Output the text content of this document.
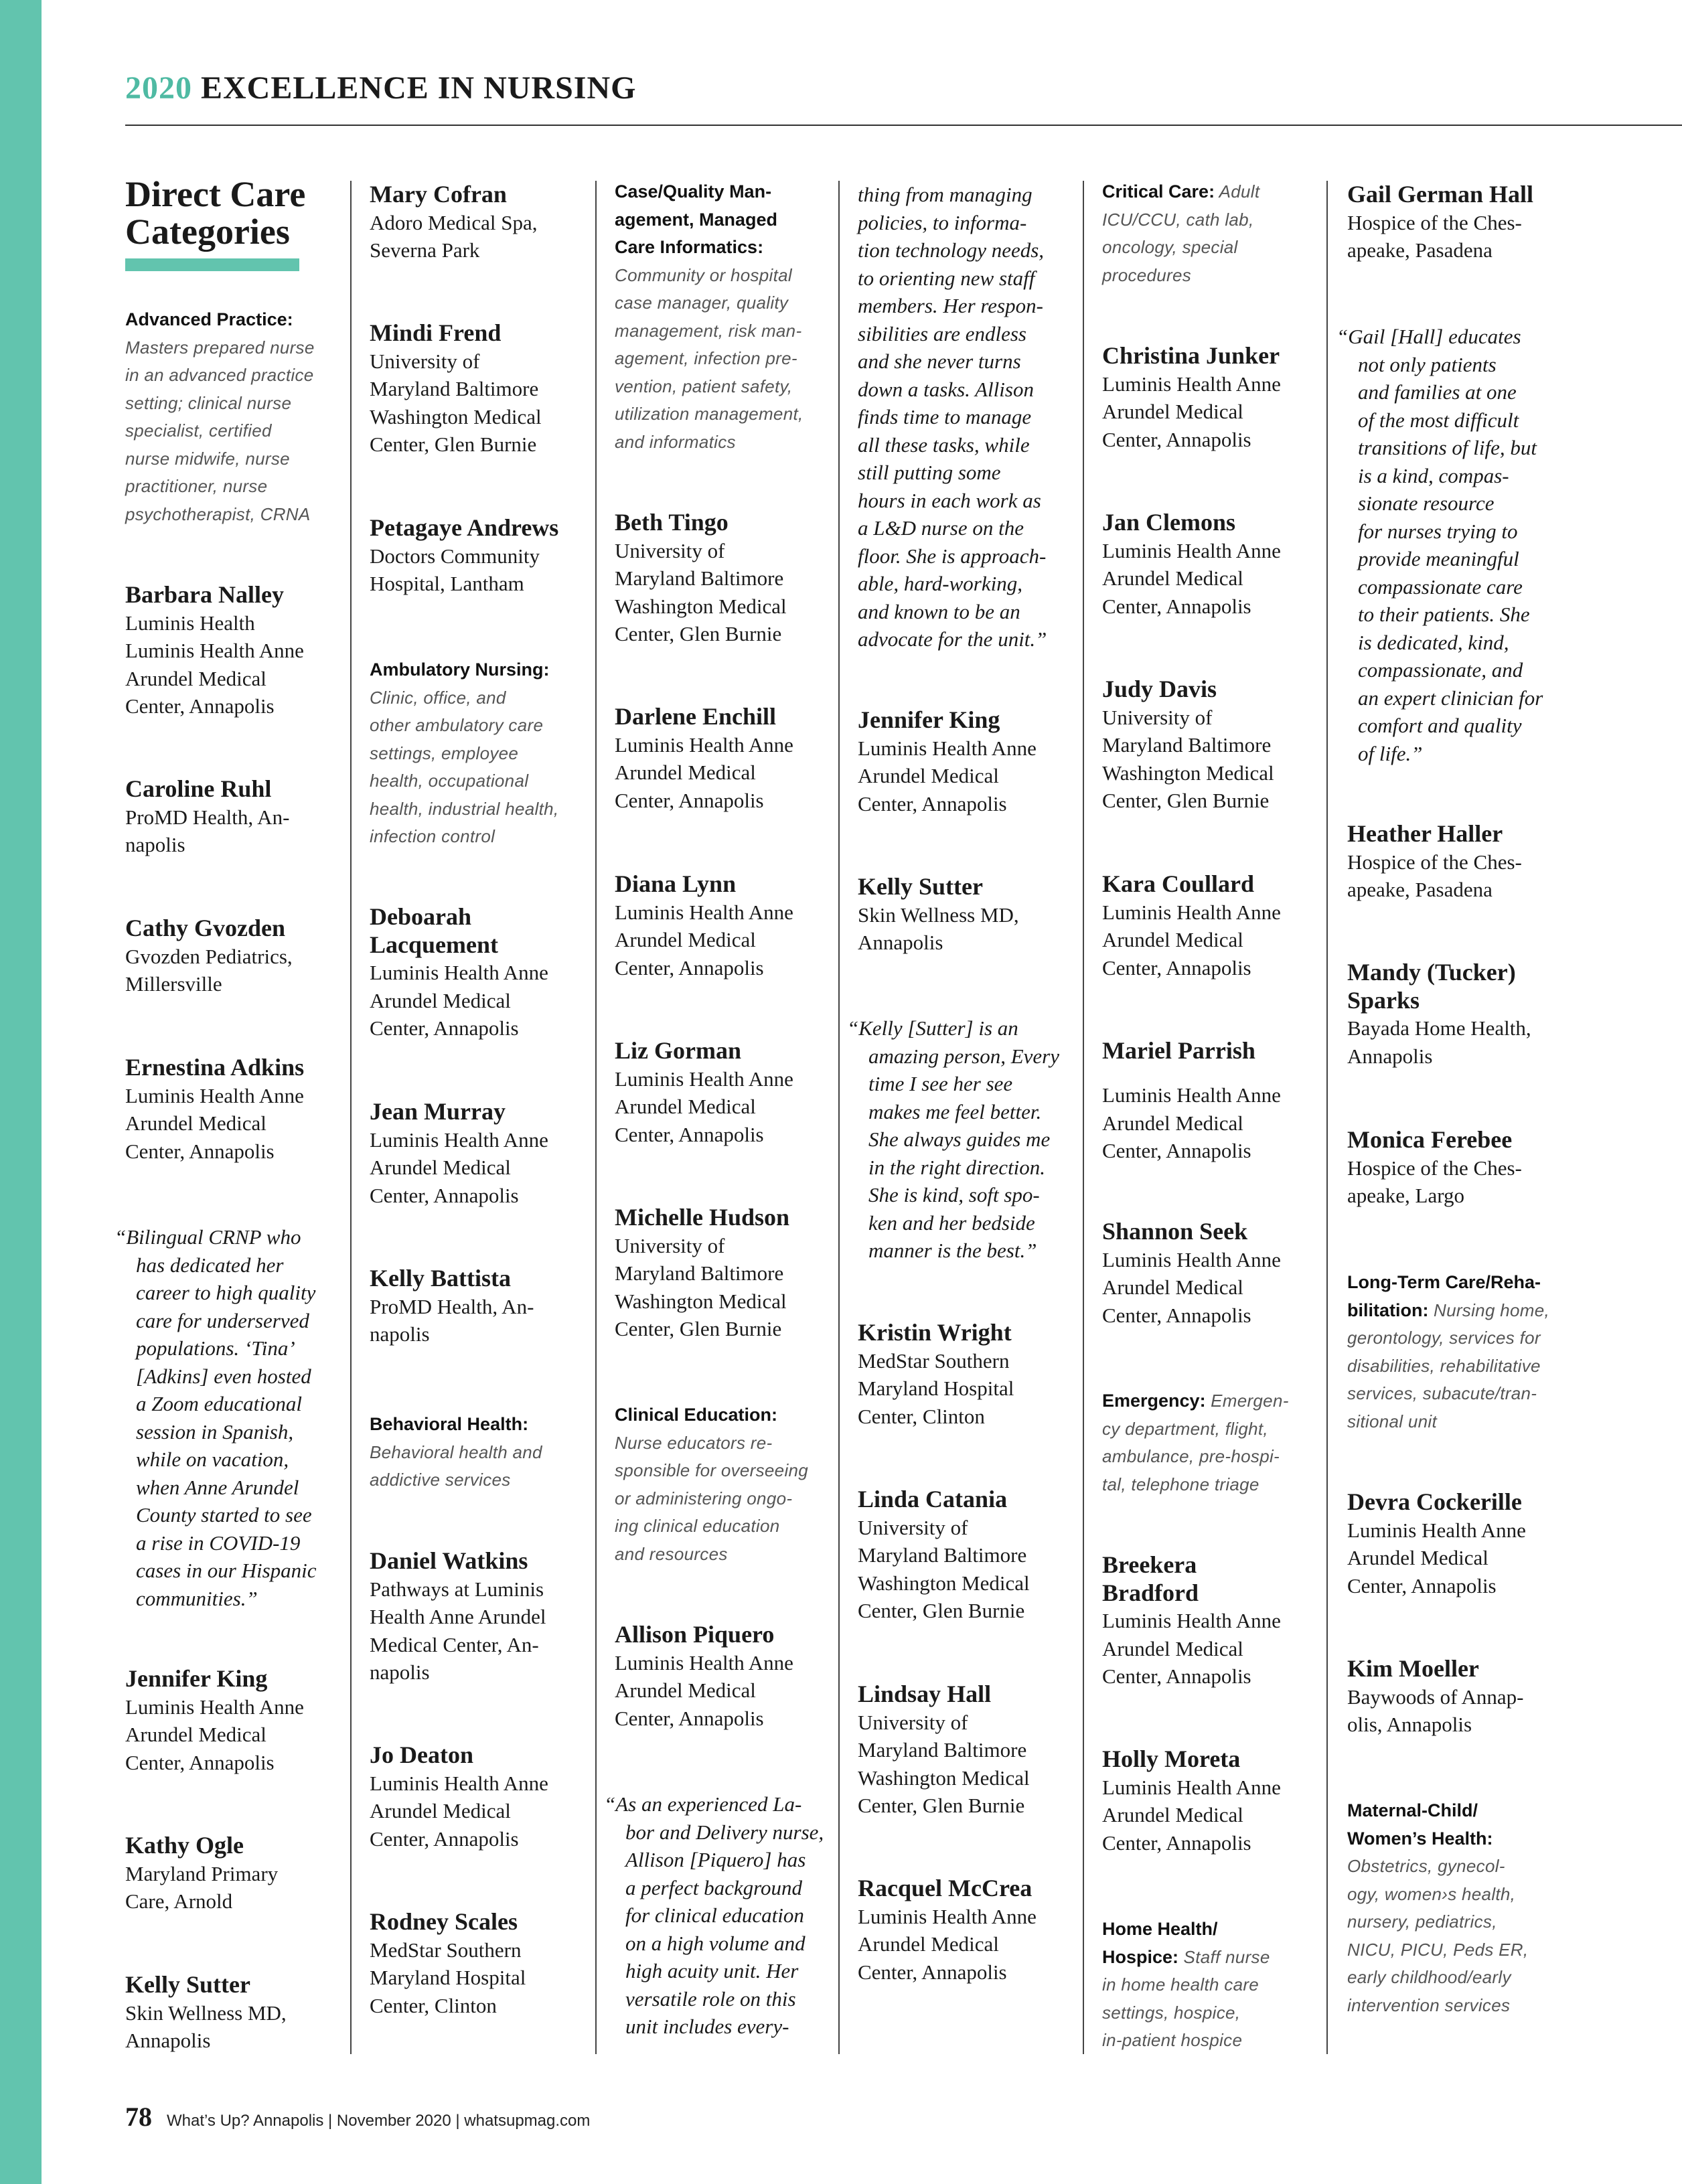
2020 EXCELLENCE IN NURSING
Direct Care
Categories
Advanced Practice:
Masters prepared nurse
in an advanced practice
setting; clinical nurse
specialist, certified
nurse midwife, nurse
practitioner, nurse
psychotherapist, CRNA
Barbara Nalley
Luminis Health
Luminis Health Anne
Arundel Medical
Center, Annapolis
Caroline Ruhl
ProMD Health, An-
napolis
Cathy Gvozden
Gvozden Pediatrics,
Millersville
Ernestina Adkins
Luminis Health Anne
Arundel Medical
Center, Annapolis
“Bilingual CRNP who
has dedicated her
career to high quality
care for underserved
populations. ‘Tina’
[Adkins] even hosted
a Zoom educational
session in Spanish,
while on vacation,
when Anne Arundel
County started to see
a rise in COVID-19
cases in our Hispanic
communities.”
Jennifer King
Luminis Health Anne
Arundel Medical
Center, Annapolis
Kathy Ogle
Maryland Primary
Care, Arnold
Kelly Sutter
Skin Wellness MD,
Annapolis
Mary Cofran
Adoro Medical Spa,
Severna Park
Mindi Frend
University of
Maryland Baltimore
Washington Medical
Center, Glen Burnie
Petagaye Andrews
Doctors Community
Hospital, Lantham
Ambulatory Nursing:
Clinic, office, and
other ambulatory care
settings, employee
health, occupational
health, industrial health,
infection control
Deboarah
Lacquement
Luminis Health Anne
Arundel Medical
Center, Annapolis
Jean Murray
Luminis Health Anne
Arundel Medical
Center, Annapolis
Kelly Battista
ProMD Health, An-
napolis
Behavioral Health:
Behavioral health and
addictive services
Daniel Watkins
Pathways at Luminis
Health Anne Arundel
Medical Center, An-
napolis
Jo Deaton
Luminis Health Anne
Arundel Medical
Center, Annapolis
Rodney Scales
MedStar Southern
Maryland Hospital
Center, Clinton
Case/Quality Man-
agement, Managed
Care Informatics:
Community or hospital
case manager, quality
management, risk man-
agement, infection pre-
vention, patient safety,
utilization management,
and informatics
Beth Tingo
University of
Maryland Baltimore
Washington Medical
Center, Glen Burnie
Darlene Enchill
Luminis Health Anne
Arundel Medical
Center, Annapolis
Diana Lynn
Luminis Health Anne
Arundel Medical
Center, Annapolis
Liz Gorman
Luminis Health Anne
Arundel Medical
Center, Annapolis
Michelle Hudson
University of
Maryland Baltimore
Washington Medical
Center, Glen Burnie
Clinical Education:
Nurse educators re-
sponsible for overseeing
or administering ongo-
ing clinical education
and resources
Allison Piquero
Luminis Health Anne
Arundel Medical
Center, Annapolis
“As an experienced La-
bor and Delivery nurse,
Allison [Piquero] has
a perfect background
for clinical education
on a high volume and
high acuity unit. Her
versatile role on this
unit includes every-
thing from managing
policies, to informa-
tion technology needs,
to orienting new staff
members. Her respon-
sibilities are endless
and she never turns
down a tasks. Allison
finds time to manage
all these tasks, while
still putting some
hours in each work as
a L&D nurse on the
floor. She is approach-
able, hard-working,
and known to be an
advocate for the unit.”
Jennifer King
Luminis Health Anne
Arundel Medical
Center, Annapolis
Kelly Sutter
Skin Wellness MD,
Annapolis
“Kelly [Sutter] is an
amazing person, Every
time I see her see
makes me feel better.
She always guides me
in the right direction.
She is kind, soft spo-
ken and her bedside
manner is the best.”
Kristin Wright
MedStar Southern
Maryland Hospital
Center, Clinton
Linda Catania
University of
Maryland Baltimore
Washington Medical
Center, Glen Burnie
Lindsay Hall
University of
Maryland Baltimore
Washington Medical
Center, Glen Burnie
Racquel McCrea
Luminis Health Anne
Arundel Medical
Center, Annapolis
Critical Care: Adult
ICU/CCU, cath lab,
oncology, special
procedures
Christina Junker
Luminis Health Anne
Arundel Medical
Center, Annapolis
Jan Clemons
Luminis Health Anne
Arundel Medical
Center, Annapolis
Judy Davis
University of
Maryland Baltimore
Washington Medical
Center, Glen Burnie
Kara Coullard
Luminis Health Anne
Arundel Medical
Center, Annapolis
Luminis Health Anne
Arundel Medical
Center, Annapolis
Mariel Parrish
Shannon Seek
Luminis Health Anne
Arundel Medical
Center, Annapolis
Emergency: Emergen-
cy department, flight,
ambulance, pre-hospi-
tal, telephone triage
Breekera
Bradford
Luminis Health Anne
Arundel Medical
Center, Annapolis
Holly Moreta
Luminis Health Anne
Arundel Medical
Center, Annapolis
Home Health/
Hospice: Staff nurse
in home health care
settings, hospice,
in-patient hospice
Gail German Hall
Hospice of the Ches-
apeake, Pasadena
“Gail [Hall] educates
not only patients
and families at one
of the most difficult
transitions of life, but
is a kind, compas-
sionate resource
for nurses trying to
provide meaningful
compassionate care
to their patients. She
is dedicated, kind,
compassionate, and
an expert clinician for
comfort and quality
of life.”
Heather Haller
Hospice of the Ches-
apeake, Pasadena
Mandy (Tucker)
Sparks
Bayada Home Health,
Annapolis
Monica Ferebee
Hospice of the Ches-
apeake, Largo
Long-Term Care/Reha-
bilitation: Nursing home,
gerontology, services for
disabilities, rehabilitative
services, subacute/tran-
sitional unit
Devra Cockerille
Luminis Health Anne
Arundel Medical
Center, Annapolis
Kim Moeller
Baywoods of Annap-
olis, Annapolis
Maternal-Child/
Women’s Health:
Obstetrics, gynecol-
ogy, women›s health,
nursery, pediatrics,
NICU, PICU, Peds ER,
early childhood/early
intervention services
78 What’s Up? Annapolis | November 2020 | whatsupmag.com
